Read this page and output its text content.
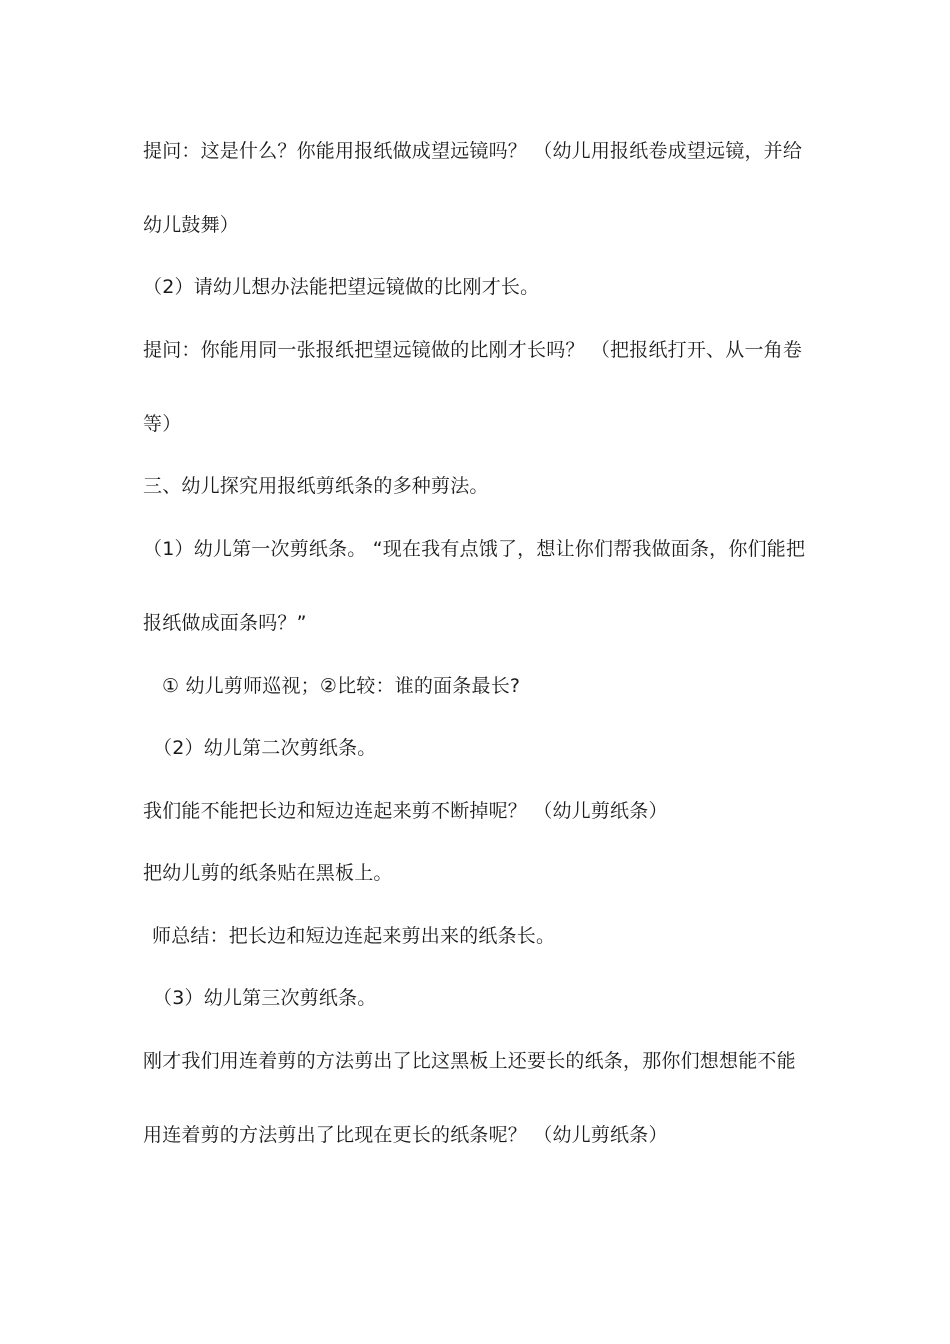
提问：这是什么？你能用报纸做成望远镜吗？ （幼儿用报纸卷成望远镜，并给
幼儿鼓舞）
（2）请幼儿想办法能把望远镜做的比刚才长。
提问：你能用同一张报纸把望远镜做的比刚才长吗？ （把报纸打开、从一角卷
等）
三、幼儿探究用报纸剪纸条的多种剪法。
（1）幼儿第一次剪纸条。 “现在我有点饿了，想让你们帮我做面条，你们能把
报纸做成面条吗？”
① 幼儿剪师巡视；②比较：谁的面条最长?
（2）幼儿第二次剪纸条。
我们能不能把长边和短边连起来剪不断掉呢？ （幼儿剪纸条）
把幼儿剪的纸条贴在黑板上。
师总结：把长边和短边连起来剪出来的纸条长。
（3）幼儿第三次剪纸条。
刚才我们用连着剪的方法剪出了比这黑板上还要长的纸条，那你们想想能不能
用连着剪的方法剪出了比现在更长的纸条呢？ （幼儿剪纸条）
